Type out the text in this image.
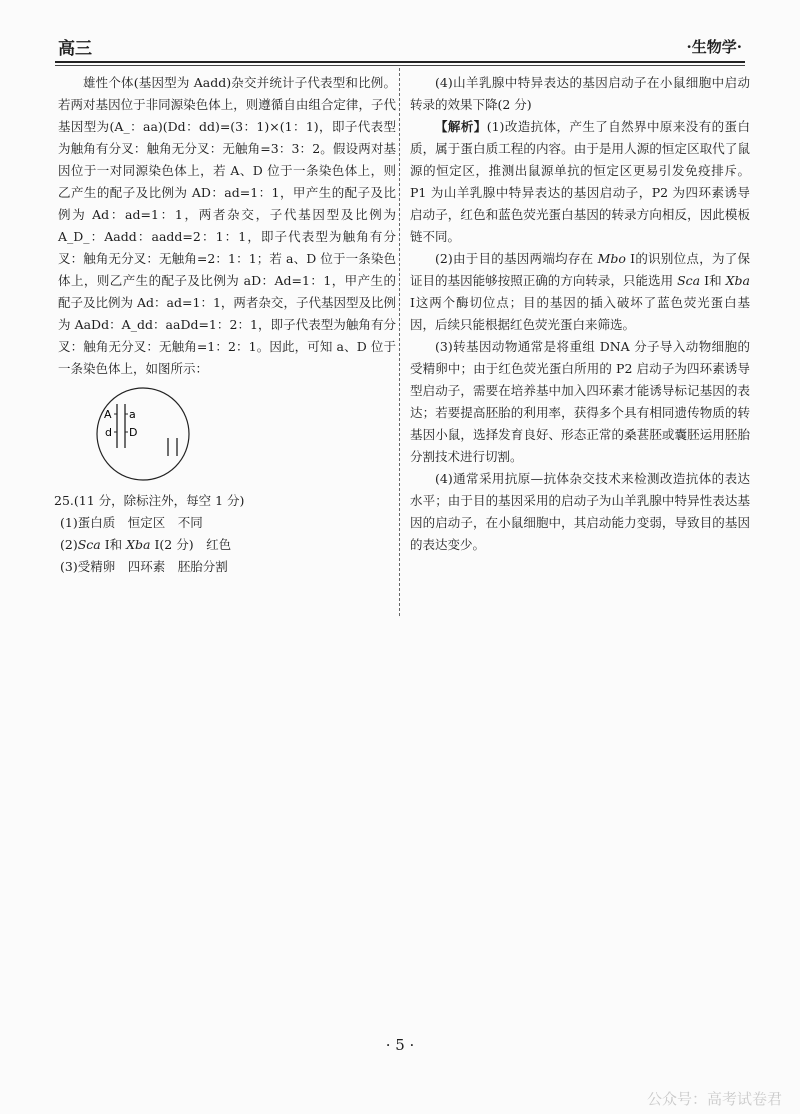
高三	·生物学·

雄性个体(基因型为 Aadd)杂交并统计子代表型和比例。若两对基因位于非同源染色体上，则遵循自由组合定律，子代基因型为(A_：aa)(Dd：dd)=(3：1)×(1：1)，即子代表型为触角有分叉：触角无分叉：无触角=3：3：2。假设两对基因位于一对同源染色体上，若 A、D 位于一条染色体上，则乙产生的配子及比例为 AD：ad=1：1，甲产生的配子及比例为 Ad：ad=1：1，两者杂交，子代基因型及比例为 A_D_：Aadd：aadd=2：1：1，即子代表型为触角有分叉：触角无分叉：无触角=2：1：1；若 a、D 位于一条染色体上，则乙产生的配子及比例为 aD：Ad=1：1，甲产生的配子及比例为 Ad：ad=1：1，两者杂交，子代基因型及比例为 AaDd：A_dd：aaDd=1：2：1，即子代表型为触角有分叉：触角无分叉：无触角=1：2：1。因此，可知 a、D 位于一条染色体上，如图所示：

A
d
a
D

25.(11 分，除标注外，每空 1 分)

(1)蛋白质　恒定区　不同

(2)Sca Ⅰ和 Xba Ⅰ(2 分)　红色

(3)受精卵　四环素　胚胎分割

(4)山羊乳腺中特异表达的基因启动子在小鼠细胞中启动转录的效果下降(2 分)

【解析】(1)改造抗体，产生了自然界中原来没有的蛋白质，属于蛋白质工程的内容。由于是用人源的恒定区取代了鼠源的恒定区，推测出鼠源单抗的恒定区更易引发免疫排斥。P1 为山羊乳腺中特异表达的基因启动子，P2 为四环素诱导启动子，红色和蓝色荧光蛋白基因的转录方向相反，因此模板链不同。

(2)由于目的基因两端均存在 Mbo Ⅰ的识别位点，为了保证目的基因能够按照正确的方向转录，只能选用 Sca Ⅰ和 Xba Ⅰ这两个酶切位点；目的基因的插入破坏了蓝色荧光蛋白基因，后续只能根据红色荧光蛋白来筛选。

(3)转基因动物通常是将重组 DNA 分子导入动物细胞的受精卵中；由于红色荧光蛋白所用的 P2 启动子为四环素诱导型启动子，需要在培养基中加入四环素才能诱导标记基因的表达；若要提高胚胎的利用率，获得多个具有相同遗传物质的转基因小鼠，选择发育良好、形态正常的桑葚胚或囊胚运用胚胎分割技术进行切割。

(4)通常采用抗原—抗体杂交技术来检测改造抗体的表达水平；由于目的基因采用的启动子为山羊乳腺中特异性表达基因的启动子，在小鼠细胞中，其启动能力变弱，导致目的基因的表达变少。

· 5 ·
公众号：高考试卷君
